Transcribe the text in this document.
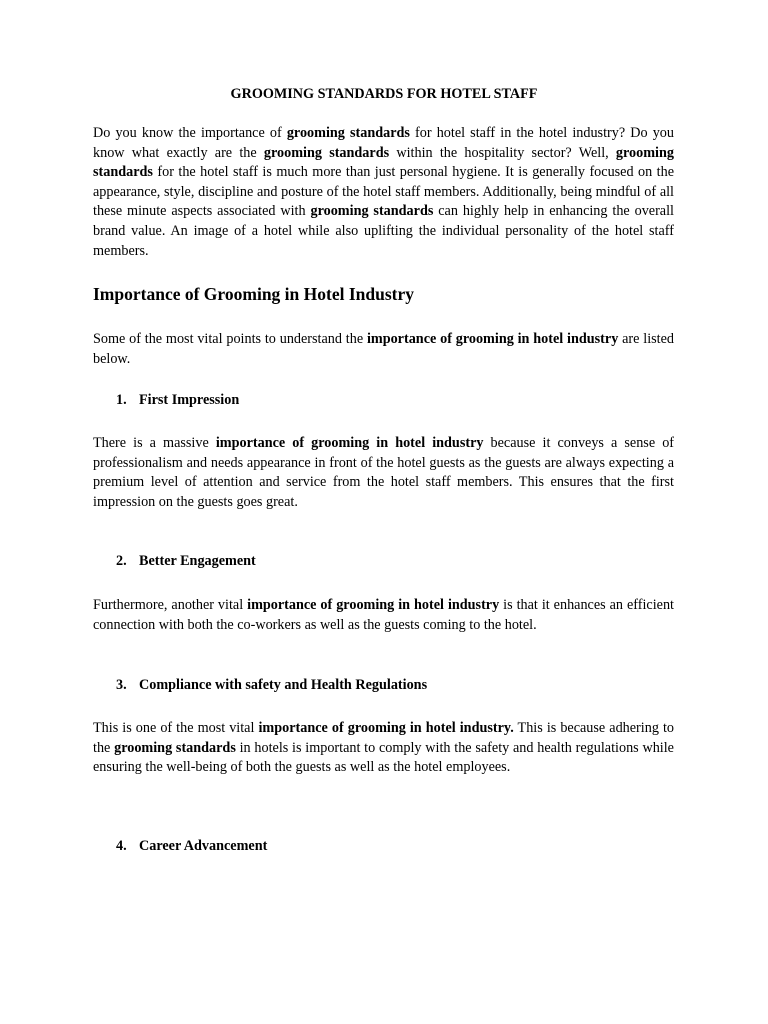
GROOMING STANDARDS FOR HOTEL STAFF

Do you know the importance of grooming standards for hotel staff in the hotel industry? Do you know what exactly are the grooming standards within the hospitality sector? Well, grooming standards for the hotel staff is much more than just personal hygiene. It is generally focused on the appearance, style, discipline and posture of the hotel staff members. Additionally, being mindful of all these minute aspects associated with grooming standards can highly help in enhancing the overall brand value. An image of a hotel while also uplifting the individual personality of the hotel staff members.

Importance of Grooming in Hotel Industry

Some of the most vital points to understand the importance of grooming in hotel industry are listed below.

1. First Impression

There is a massive importance of grooming in hotel industry because it conveys a sense of professionalism and needs appearance in front of the hotel guests as the guests are always expecting a premium level of attention and service from the hotel staff members. This ensures that the first impression on the guests goes great.

2. Better Engagement

Furthermore, another vital importance of grooming in hotel industry is that it enhances an efficient connection with both the co-workers as well as the guests coming to the hotel.

3. Compliance with safety and Health Regulations

This is one of the most vital importance of grooming in hotel industry. This is because adhering to the grooming standards in hotels is important to comply with the safety and health regulations while ensuring the well-being of both the guests as well as the hotel employees.

4. Career Advancement
